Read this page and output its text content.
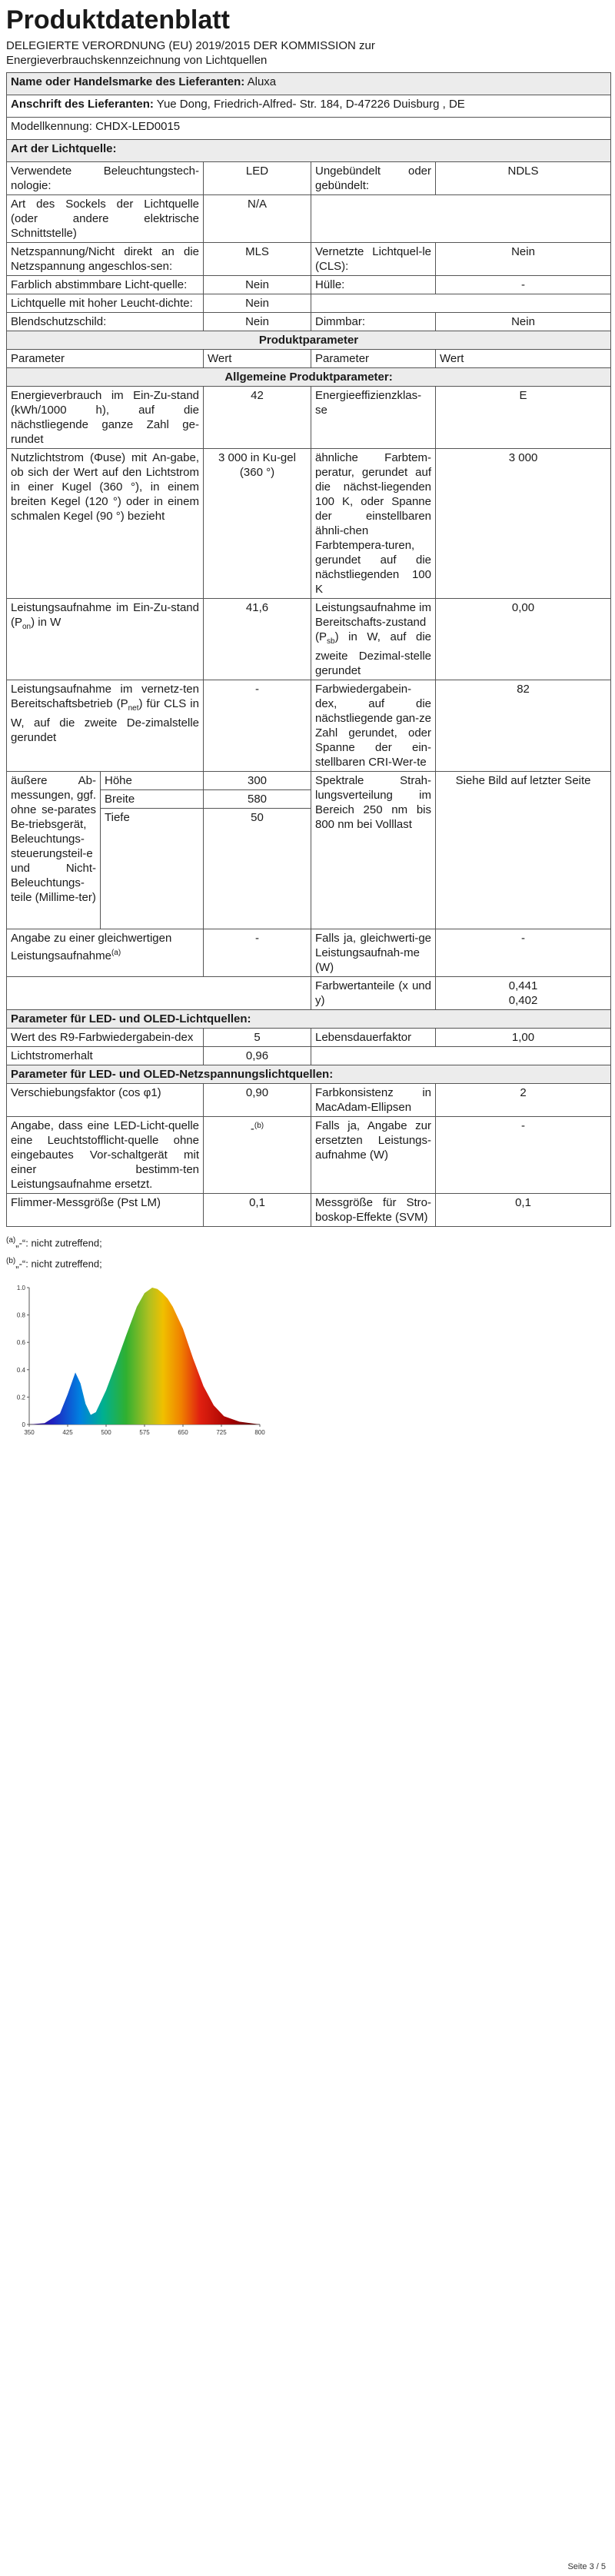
Produktdatenblatt
DELEGIERTE VERORDNUNG (EU) 2019/2015 DER KOMMISSION zur
Energieverbrauchskennzeichnung von Lichtquellen
Name oder Handelsmarke des Lieferanten: Aluxa				
Anschrift des Lieferanten: Yue Dong, Friedrich-Alfred- Str. 184, D-47226 Duisburg , DE				
Modellkennung: CHDX-LED0015				
Art der Lichtquelle:				
Verwendete Beleuchtungstech-nologie:		LED	Ungebündelt oder gebündelt:	NDLS
Art des Sockels der Lichtquelle (oder andere elektrische Schnittstelle)		N/A		
Netzspannung/Nicht direkt an die Netzspannung angeschlos-sen:		MLS	Vernetzte Lichtquel-le (CLS):	Nein
Farblich abstimmbare Licht-quelle:		Nein	Hülle:	-
Lichtquelle mit hoher Leucht-dichte:		Nein		
Blendschutzschild:		Nein	Dimmbar:	Nein
Produktparameter				
Parameter		Wert	Parameter	Wert
Allgemeine Produktparameter:				
Energieverbrauch im Ein-Zu-stand (kWh/1000 h), auf die nächstliegende ganze Zahl ge-rundet		42	Energieeffizienzklas-se	E
Nutzlichtstrom (Φuse) mit An-gabe, ob sich der Wert auf den Lichtstrom in einer Kugel (360 °), in einem breiten Kegel (120 °) oder in einem schmalen Kegel (90 °) bezieht		3 000 in Ku-gel (360 °)	ähnliche Farbtem-peratur, gerundet auf die nächst-liegenden 100 K, oder Spanne der einstellbaren ähnli-chen Farbtempera-turen, gerundet auf die nächstliegenden 100 K	3 000
Leistungsaufnahme im Ein-Zu-stand $(P_{on})$ in W		41,6	Leistungsaufnahme im Bereitschafts-zustand $(P_{sb})$ in W, auf die zweite Dezimal-stelle gerundet	0,00
Leistungsaufnahme im vernetz-ten Bereitschaftsbetrieb $(P_{net})$ für CLS in W, auf die zweite De-zimalstelle gerundet		-	Farbwiedergabein-dex, auf die nächstliegende gan-ze Zahl gerundet, oder Spanne der ein-stellbaren CRI-Wer-te	82
äußere Ab-messungen, ggf. ohne se-parates Be-triebsgerät, Beleuchtungs-steuerungsteil-e und Nicht-Beleuchtungs-teile (Millime-ter)	Höhe	300	Spektrale Strah-lungsverteilung im Bereich 250 nm bis 800 nm bei Volllast	Siehe Bild auf letzter Seite
	Breite	580		
	Tiefe	50		
Angabe zu einer gleichwertigen Leistungsaufnahme$^{(a)}$		-	Falls ja, gleichwerti-ge Leistungsaufnah-me (W)	-
			Farbwertanteile (x und y)	0,441
0,402

Parameter für LED- und OLED-Lichtquellen:				
Wert des R9-Farbwiedergabein-dex		5	Lebensdauerfaktor	1,00
Lichtstromerhalt		0,96		
Parameter für LED- und OLED-Netzspannungslichtquellen:				
Verschiebungsfaktor (cos φ1)		0,90	Farbkonsistenz in MacAdam-Ellipsen	2
Angabe, dass eine LED-Licht-quelle eine Leuchtstofflicht-quelle ohne eingebautes Vor-schaltgerät mit einer bestimm-ten Leistungsaufnahme ersetzt.		-$^{(b)}$	Falls ja, Angabe zur ersetzten Leistungs-aufnahme (W)	-
Flimmer-Messgröße (Pst LM)		0,1	Messgröße für Stro-boskop-Effekte (SVM)	0,1
$^{(a)}$„-“: nicht zutreffend;
$^{(b)}$„-“: nicht zutreffend;
350	425	500	575	650	725	800
0
0.2
0.4
0.6
0.8
1.0
Seite 3 / 5
